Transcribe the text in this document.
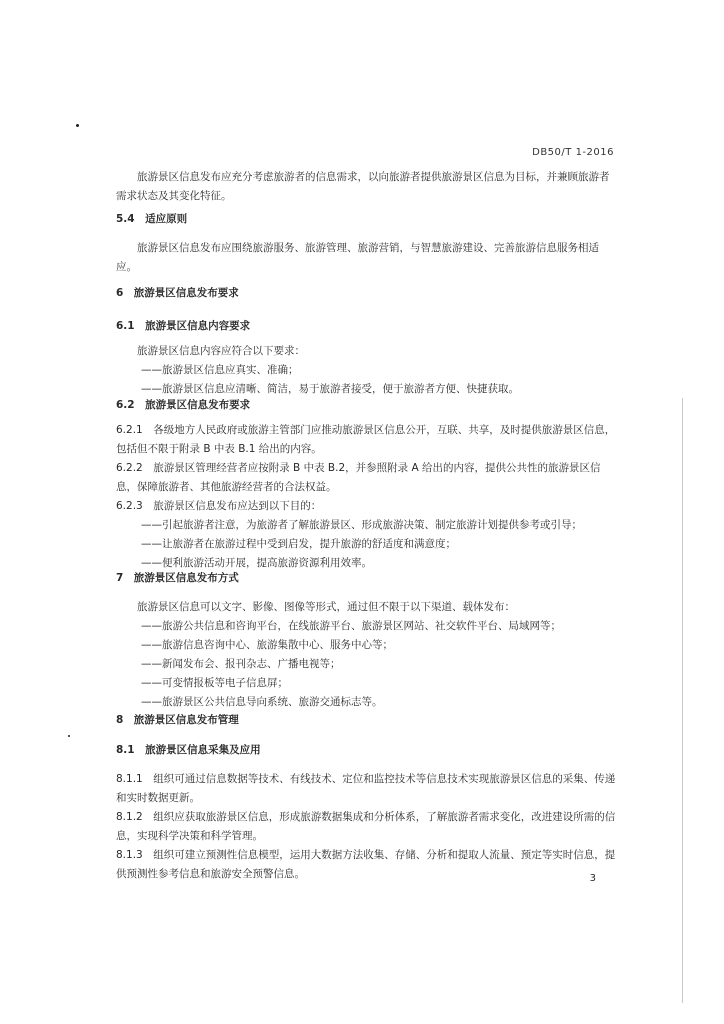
DB50/T 1-2016

旅游景区信息发布应充分考虑旅游者的信息需求，以向旅游者提供旅游景区信息为目标，并兼顾旅游者需求状态及其变化特征。

5.4　适应原则

旅游景区信息发布应围绕旅游服务、旅游管理、旅游营销，与智慧旅游建设、完善旅游信息服务相适应。

6　旅游景区信息发布要求
6.1　旅游景区信息内容要求

旅游景区信息内容应符合以下要求：

——旅游景区信息应真实、准确；

——旅游景区信息应清晰、简洁，易于旅游者接受，便于旅游者方便、快捷获取。

6.2　旅游景区信息发布要求

6.2.1　各级地方人民政府或旅游主管部门应推动旅游景区信息公开，互联、共享，及时提供旅游景区信息，包括但不限于附录 B 中表 B.1 给出的内容。

6.2.2　旅游景区管理经营者应按附录 B 中表 B.2，并参照附录 A 给出的内容，提供公共性的旅游景区信息，保障旅游者、其他旅游经营者的合法权益。

6.2.3　旅游景区信息发布应达到以下目的：

——引起旅游者注意，为旅游者了解旅游景区、形成旅游决策、制定旅游计划提供参考或引导；

——让旅游者在旅游过程中受到启发，提升旅游的舒适度和满意度；

——便利旅游活动开展，提高旅游资源利用效率。

7　旅游景区信息发布方式

旅游景区信息可以文字、影像、图像等形式，通过但不限于以下渠道、载体发布：

——旅游公共信息和咨询平台，在线旅游平台、旅游景区网站、社交软件平台、局域网等；

——旅游信息咨询中心、旅游集散中心、服务中心等；

——新闻发布会、报刊杂志、广播电视等；

——可变情报板等电子信息屏；

——旅游景区公共信息导向系统、旅游交通标志等。

8　旅游景区信息发布管理
8.1　旅游景区信息采集及应用

8.1.1　组织可通过信息数据等技术、有线技术、定位和监控技术等信息技术实现旅游景区信息的采集、传递和实时数据更新。

8.1.2　组织应获取旅游景区信息，形成旅游数据集成和分析体系，了解旅游者需求变化，改进建设所需的信息，实现科学决策和科学管理。

8.1.3　组织可建立预测性信息模型，运用大数据方法收集、存储、分析和提取人流量、预定等实时信息，提供预测性参考信息和旅游安全预警信息。	3
